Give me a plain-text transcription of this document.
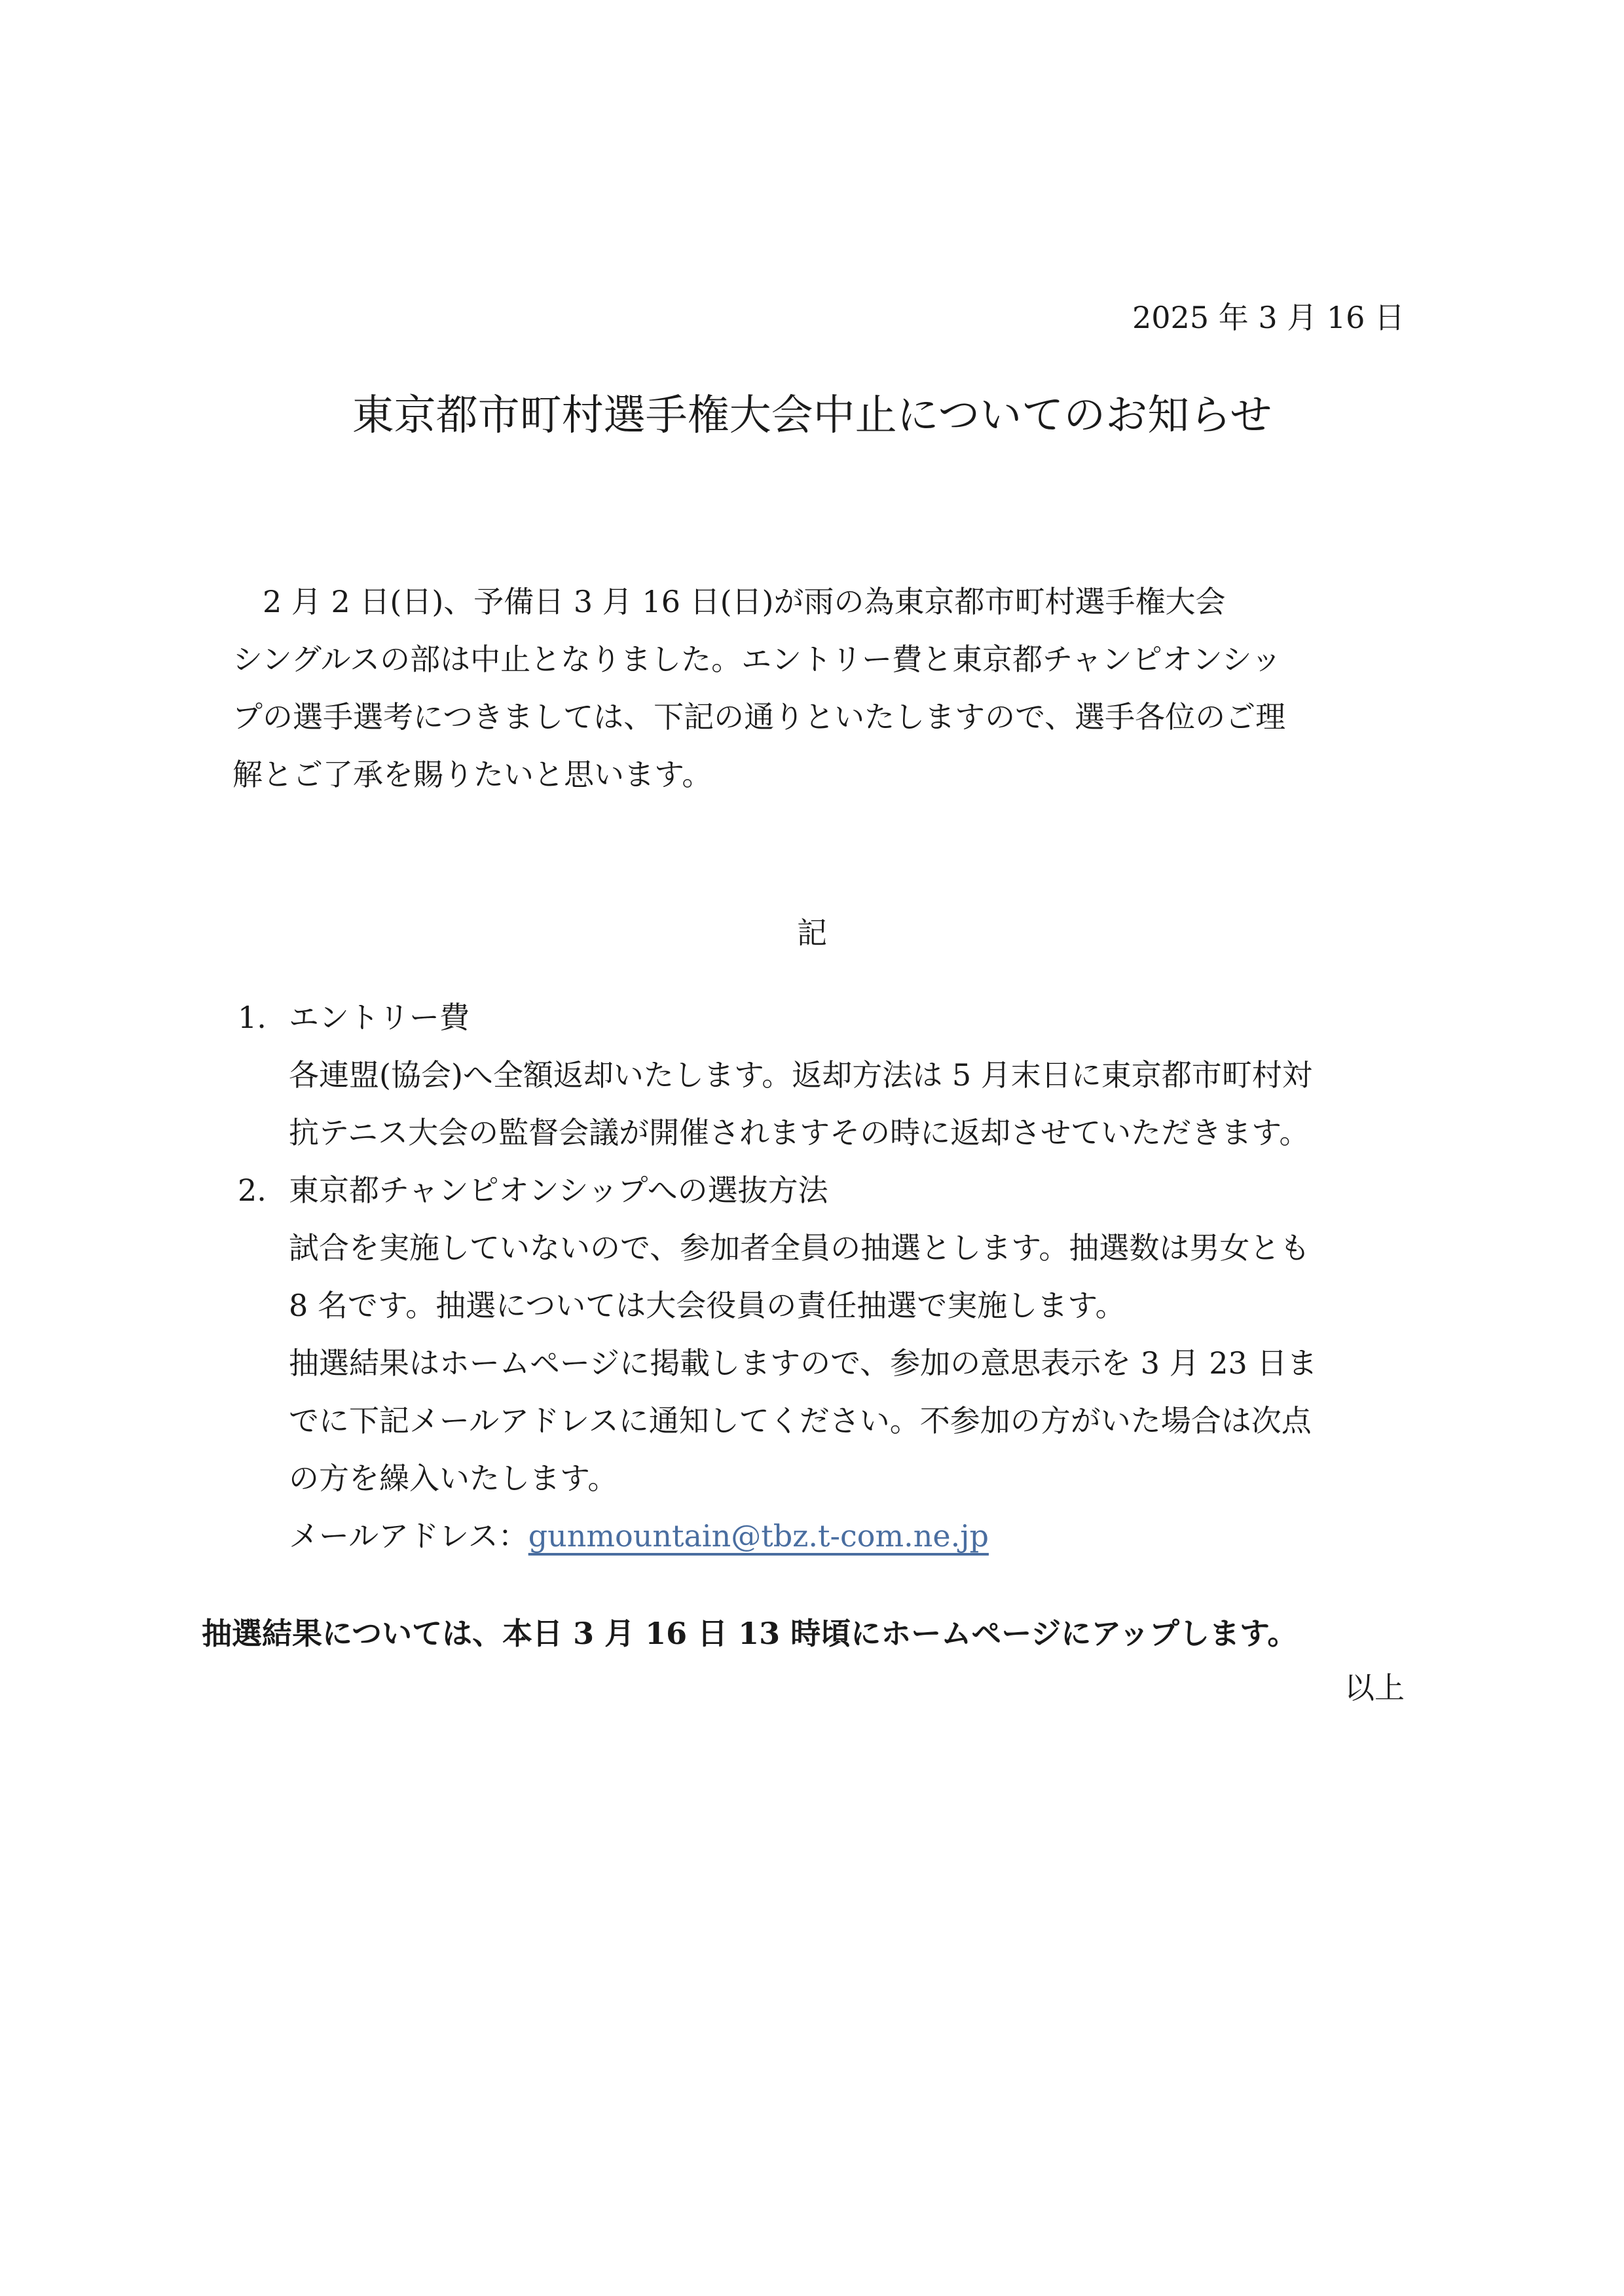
2025 年 3 月 16 日
東京都市町村選手権大会中止についてのお知らせ
2 月 2 日(日)、予備日 3 月 16 日(日)が雨の為東京都市町村選手権大会
シングルスの部は中止となりました。エントリー費と東京都チャンピオンシッ
プの選手選考につきましては、下記の通りといたしますので、選手各位のご理
解とご了承を賜りたいと思います。
記
1. エントリー費
各連盟(協会)へ全額返却いたします。返却方法は 5 月末日に東京都市町村対
抗テニス大会の監督会議が開催されますその時に返却させていただきます。
2. 東京都チャンピオンシップへの選抜方法
試合を実施していないので、参加者全員の抽選とします。抽選数は男女とも
8 名です。抽選については大会役員の責任抽選で実施します。
抽選結果はホームページに掲載しますので、参加の意思表示を 3 月 23 日ま
でに下記メールアドレスに通知してください。不参加の方がいた場合は次点
の方を繰入いたします。
メールアドレス：gunmountain@tbz.t-com.ne.jp
抽選結果については、本日 3 月 16 日 13 時頃にホームページにアップします。
以上
